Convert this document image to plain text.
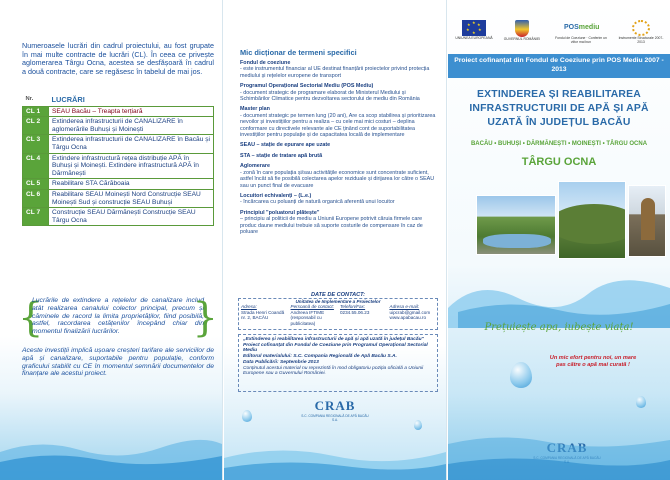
Numeroasele lucrări din cadrul proiectului, au fost grupate în mai multe contracte de lucrări (CL). În ceea ce privește aglomerarea Târgu Ocna, acestea se desfășoară în cadrul a două contracte, care se regăsesc în tabelul de mai jos.

Nr.	LUCRĂRI
CL 1	SEAU Bacău – Treapta terțiară
CL 2	Extinderea infrastructurii de CANALIZARE în aglomerările Buhuși și Moinești
CL 3	Extinderea infrastructurii de CANALIZARE în Bacău și Târgu Ocna
CL 4	Extindere infrastructură rețea distribuție APĂ în Buhuși și Moinești. Extindere infrastructură APĂ în Dărmănești
CL 5	Reabilitare STA Cărăboaia
CL 6	Reabilitare SEAU Moinești Nord Construcție SEAU Moinești Sud și construcție SEAU Buhuși
CL 7	Construcție SEAU Dărmănești Construcție SEAU Târgu Ocna
{

Lucrările de extindere a rețelelor de canalizare includ atât realizarea canalului colector principal, precum și căminele de racord la limita proprietăților, fiind posibilă, astfel, racordarea cetățenilor începând chiar din momentul finalizării lucrărilor.	}

Aceste investiții implică ușoare creșteri tarifare ale serviciilor de apă și canalizare, suportabile pentru populație, conform graficului stabilit cu CE în momentul semnării documentelor de finanțare ale acestui proiect.

Mic dicționar de termeni specifici
Fondul de coeziune
- este instrumentul financiar al UE destinat finanțării proiectelor privind protecția mediului și rețelelor europene de transport
Programul Operațional Sectorial Mediu (POS Mediu)
- document strategic de programare elaborat de Ministerul Mediului și Schimbărilor Climatice pentru dezvoltarea sectorului de mediu din România
Master plan
- document strategic pe termen lung (20 ani), Are ca scop stabilirea și prioritizarea nevoilor și investițiilor pentru a realiza – cu cele mai mici costuri – deplina conformare cu directivele relevante ale CE ținând cont de suportabilitatea investițiilor pentru populație și de capacitatea locală de implementare
SEAU – stație de epurare ape uzate
STA – stație de tratare apă brută
Aglomerare
- zonă în care populația și/sau activitățile economice sunt concentrate suficient, astfel încât să fie posibilă colectarea apelor reziduale și dirijarea lor către o SEAU sau un punct final de evacuare
Locuitori echivalenți – (L.e.)
- încărcarea cu poluanți de natură organică aferentă unui locuitor
Principiul "poluatorul plătește"
– principiu al politicii de mediu a Uniunii Europene potrivit căruia firmele care produc daune mediului trebuie să suporte costurile de compensare în caz de poluare
DATE DE CONTACT:
Unitatea de Implementare a Proiectelor
Adresa:	Persoană de contact:	Telefon/Fax:	Adresa e-mail:
Strada Henri Coandă	Andreea IFTIME	0234.55.06.23	uipcrab@gmail.com
nr. 2, BACĂU	(responsabil cu publicitatea)
www.apabacau.ro
„Extinderea și reabilitarea infrastructurii de apă și apă uzată în județul Bacău" Proiect cofinanțat din Fondul de Coeziune prin Programul Operațional Sectorial Mediu
Editorul materialului: S.C. Compania Regională de Apă Bacău S.A.
Data Publicării: Septembrie 2013
Conținutul acestui material nu reprezintă în mod obligatoriu poziția oficială a Uniunii Europene sau a Guvernului României.
CRAB
S.C. COMPANIA REGIONALĂ DE APĂ BACĂU S.A.
★ ★
★
★
★
★
UNIUNEA EUROPEANĂ	GUVERNUL ROMÂNIEI
POSmediu
Fondul de Coeziune · Conferim un viitor mai bun
Instrumente Structurale 2007-2013
Proiect cofinanțat din Fondul de Coeziune prin POS Mediu 2007 - 2013
EXTINDEREA ȘI REABILITAREA INFRASTRUCTURII DE APĂ ȘI APĂ UZATĂ ÎN JUDEȚUL BACĂU
BACĂU • BUHUȘI • DĂRMĂNEȘTI • MOINEȘTI • TÂRGU OCNA
TÂRGU OCNA
Prețuiește apa, iubește viața!
Un mic efort pentru noi, un mare pas către o apă mai curată !
